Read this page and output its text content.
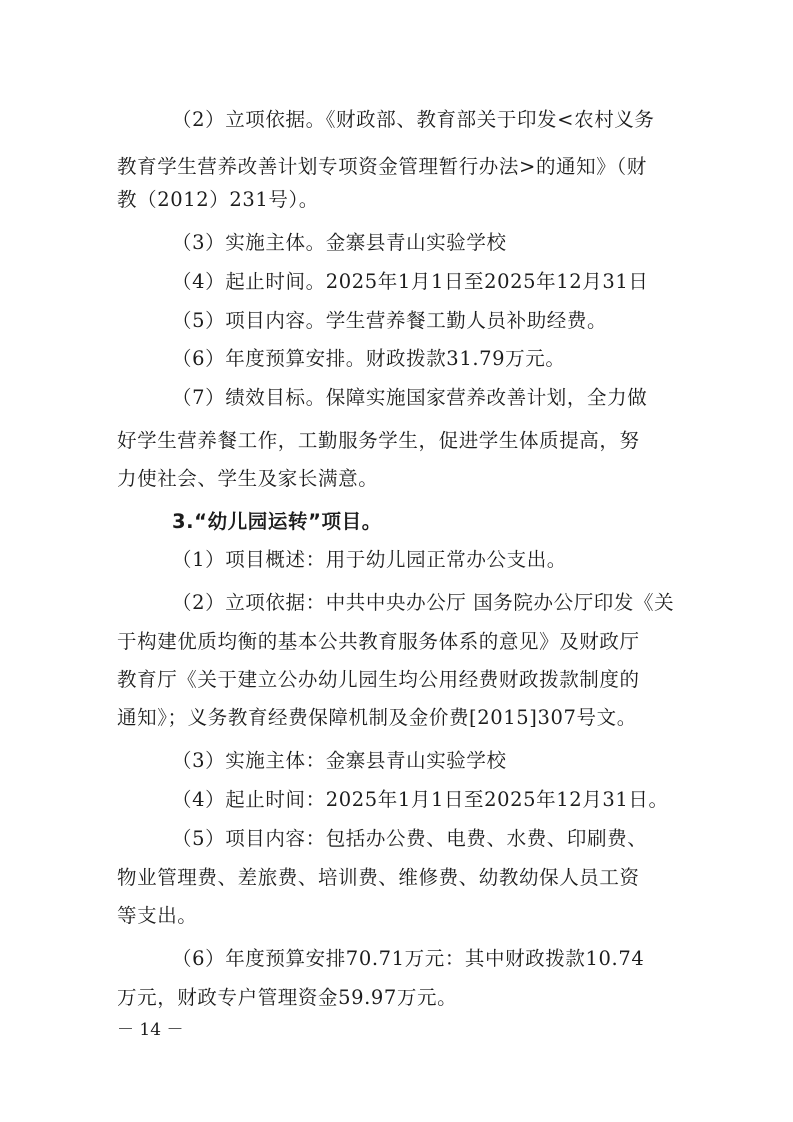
（2）立项依据。《财政部、教育部关于印发<农村义务
教育学生营养改善计划专项资金管理暂行办法>的通知》（财
教（2012）231号）。
（3）实施主体。金寨县青山实验学校
（4）起止时间。2025年1月1日至2025年12月31日
（5）项目内容。学生营养餐工勤人员补助经费。
（6）年度预算安排。财政拨款31.79万元。
（7）绩效目标。保障实施国家营养改善计划，全力做
好学生营养餐工作，工勤服务学生，促进学生体质提高，努
力使社会、学生及家长满意。
3.“幼儿园运转”项目。
（1）项目概述：用于幼儿园正常办公支出。
（2）立项依据：中共中央办公厅 国务院办公厅印发《关
于构建优质均衡的基本公共教育服务体系的意见》及财政厅
教育厅《关于建立公办幼儿园生均公用经费财政拨款制度的
通知》；义务教育经费保障机制及金价费[2015]307号文。
（3）实施主体：金寨县青山实验学校
（4）起止时间：2025年1月1日至2025年12月31日。
（5）项目内容：包括办公费、电费、水费、印刷费、
物业管理费、差旅费、培训费、维修费、幼教幼保人员工资
等支出。
（6）年度预算安排70.71万元：其中财政拨款10.74
万元，财政专户管理资金59.97万元。
－ 14 －
